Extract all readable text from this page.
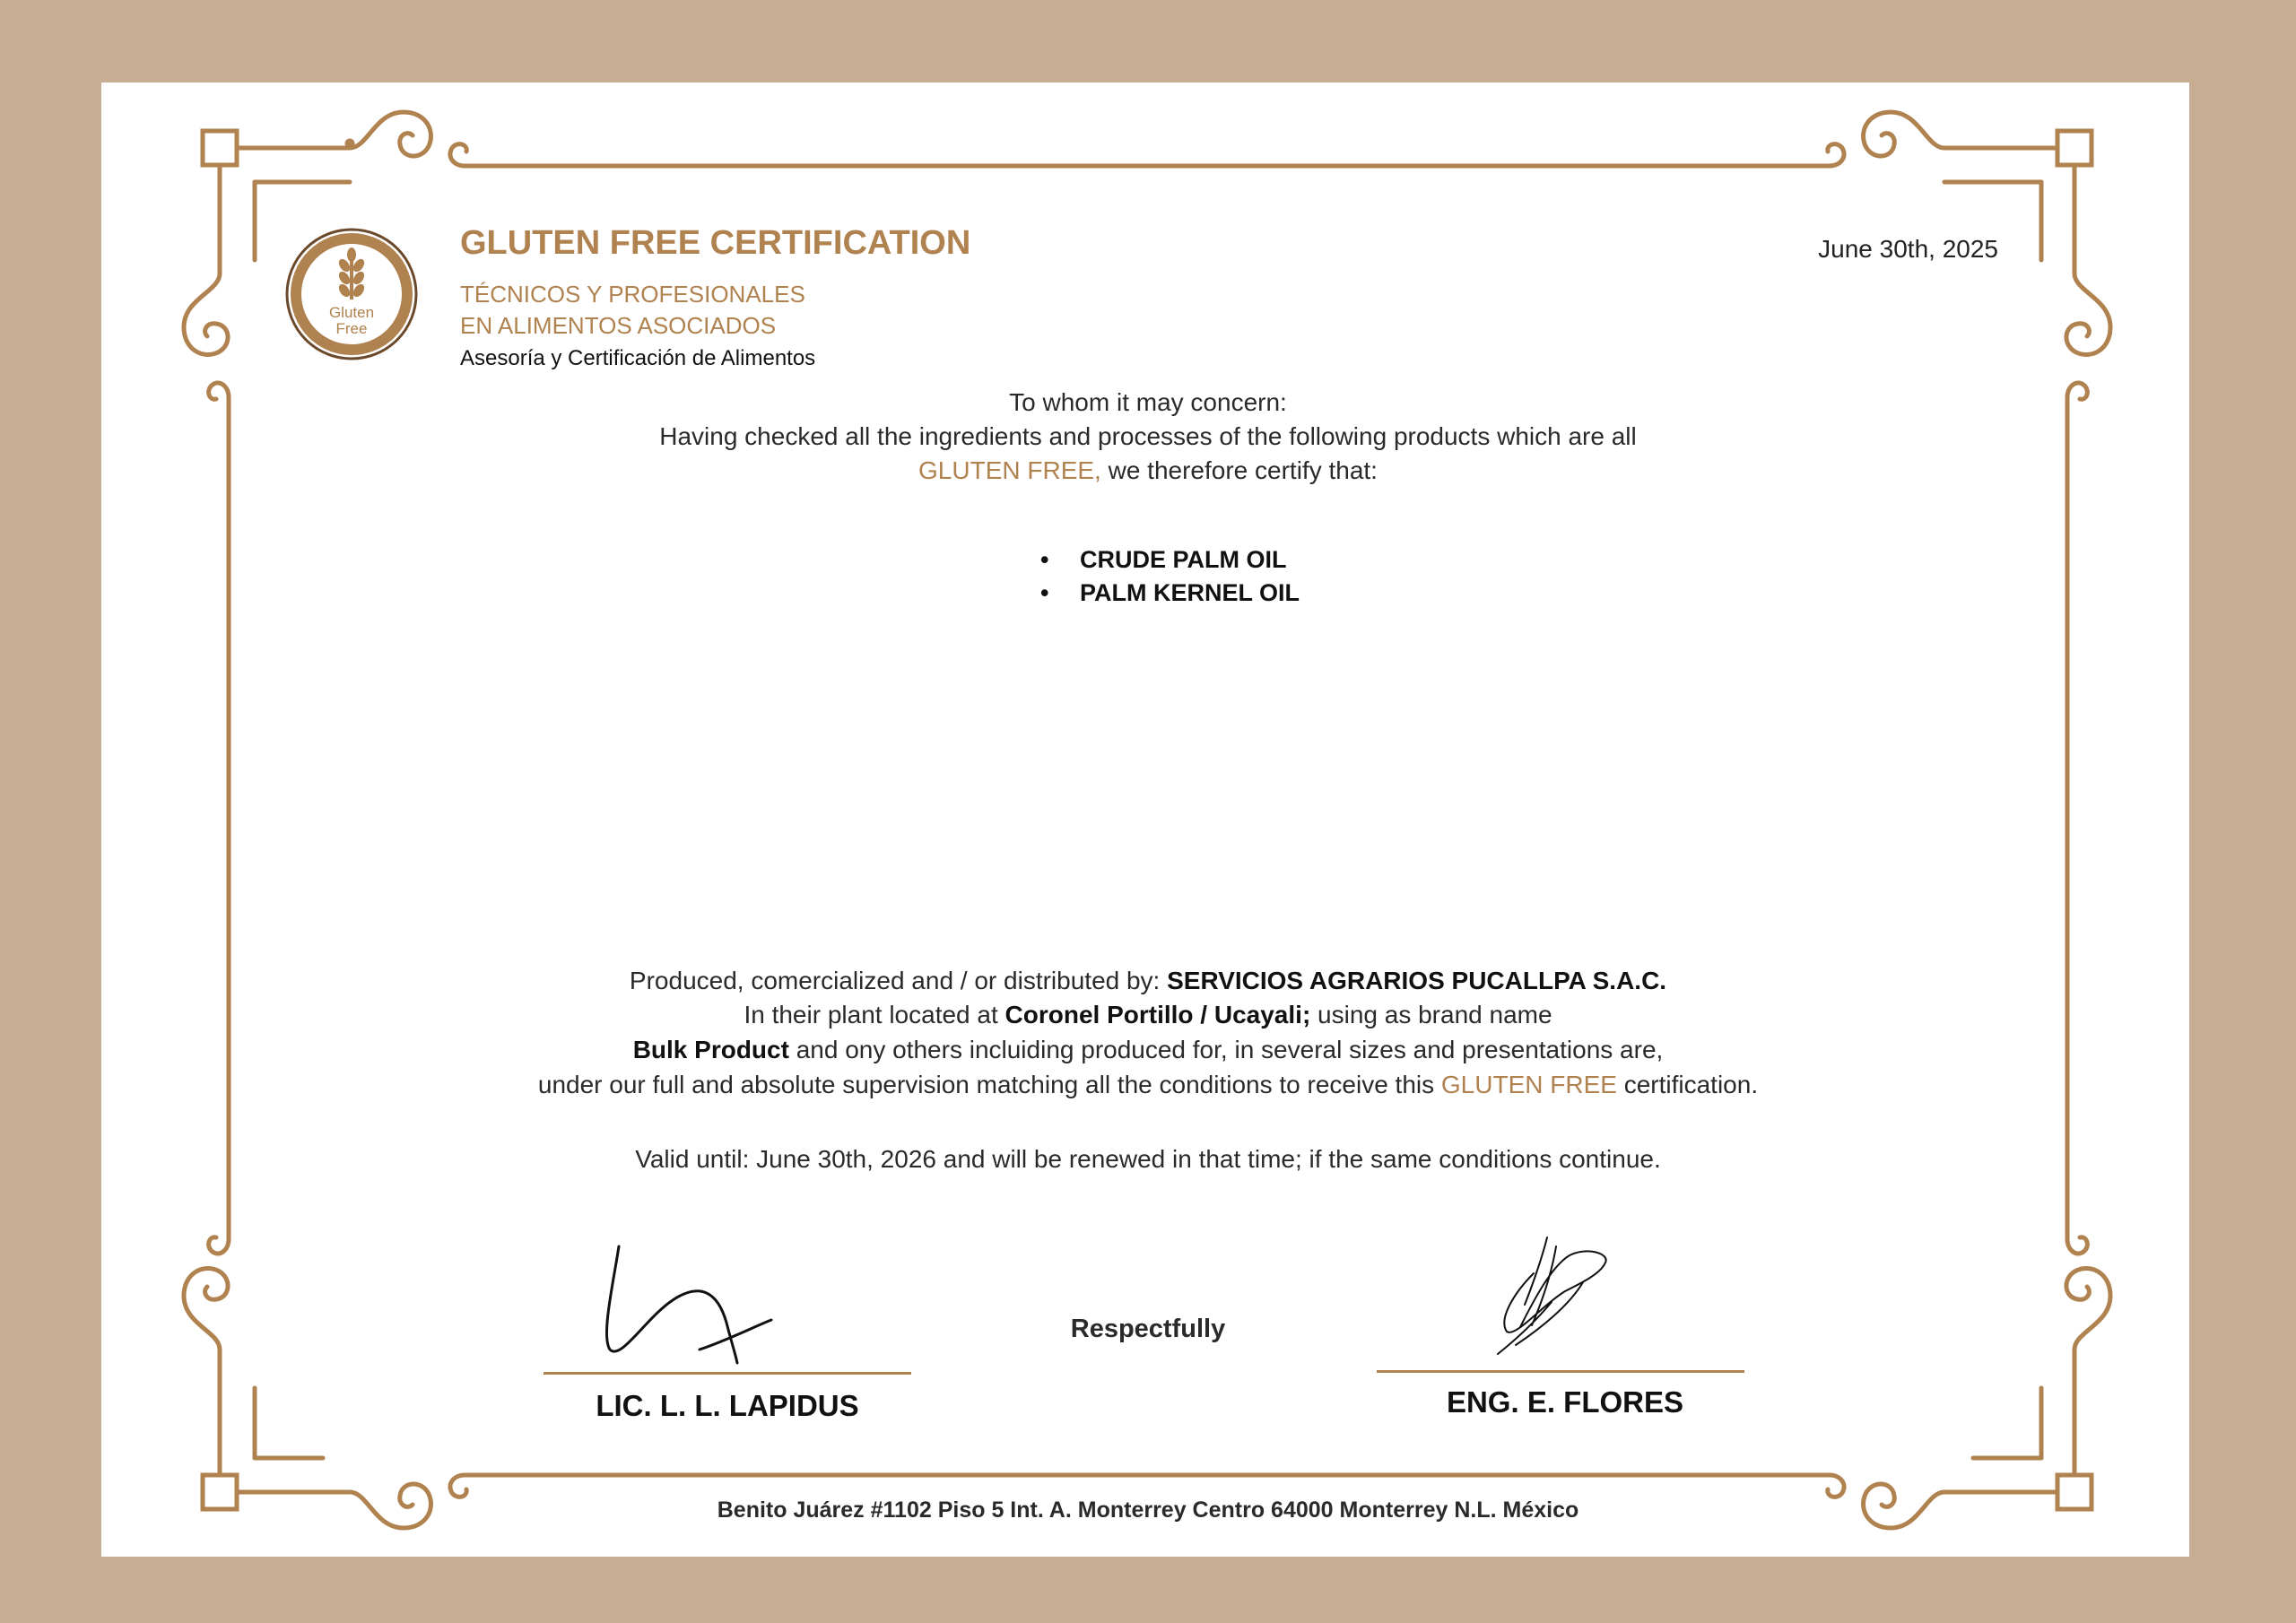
Gluten
Free
GLUTEN FREE CERTIFICATION
TÉCNICOS Y PROFESIONALES
EN ALIMENTOS ASOCIADOS
Asesoría y Certificación de Alimentos
June 30th, 2025
To whom it may concern:
Having checked all the ingredients and processes of the following products which are all
GLUTEN FREE, we therefore certify that:
• CRUDE PALM OIL
• PALM KERNEL OIL
Produced, comercialized and / or distributed by: SERVICIOS AGRARIOS PUCALLPA S.A.C.
In their plant located at Coronel Portillo / Ucayali; using as brand name
Bulk Product and ony others incluiding produced for, in several sizes and presentations are,
under our full and absolute supervision matching all the conditions to receive this GLUTEN FREE certification.
Valid until: June 30th, 2026 and will be renewed in that time; if the same conditions continue.
Respectfully
LIC. L. L. LAPIDUS	ENG. E. FLORES
Benito Juárez #1102 Piso 5 Int. A. Monterrey Centro 64000 Monterrey N.L. México
